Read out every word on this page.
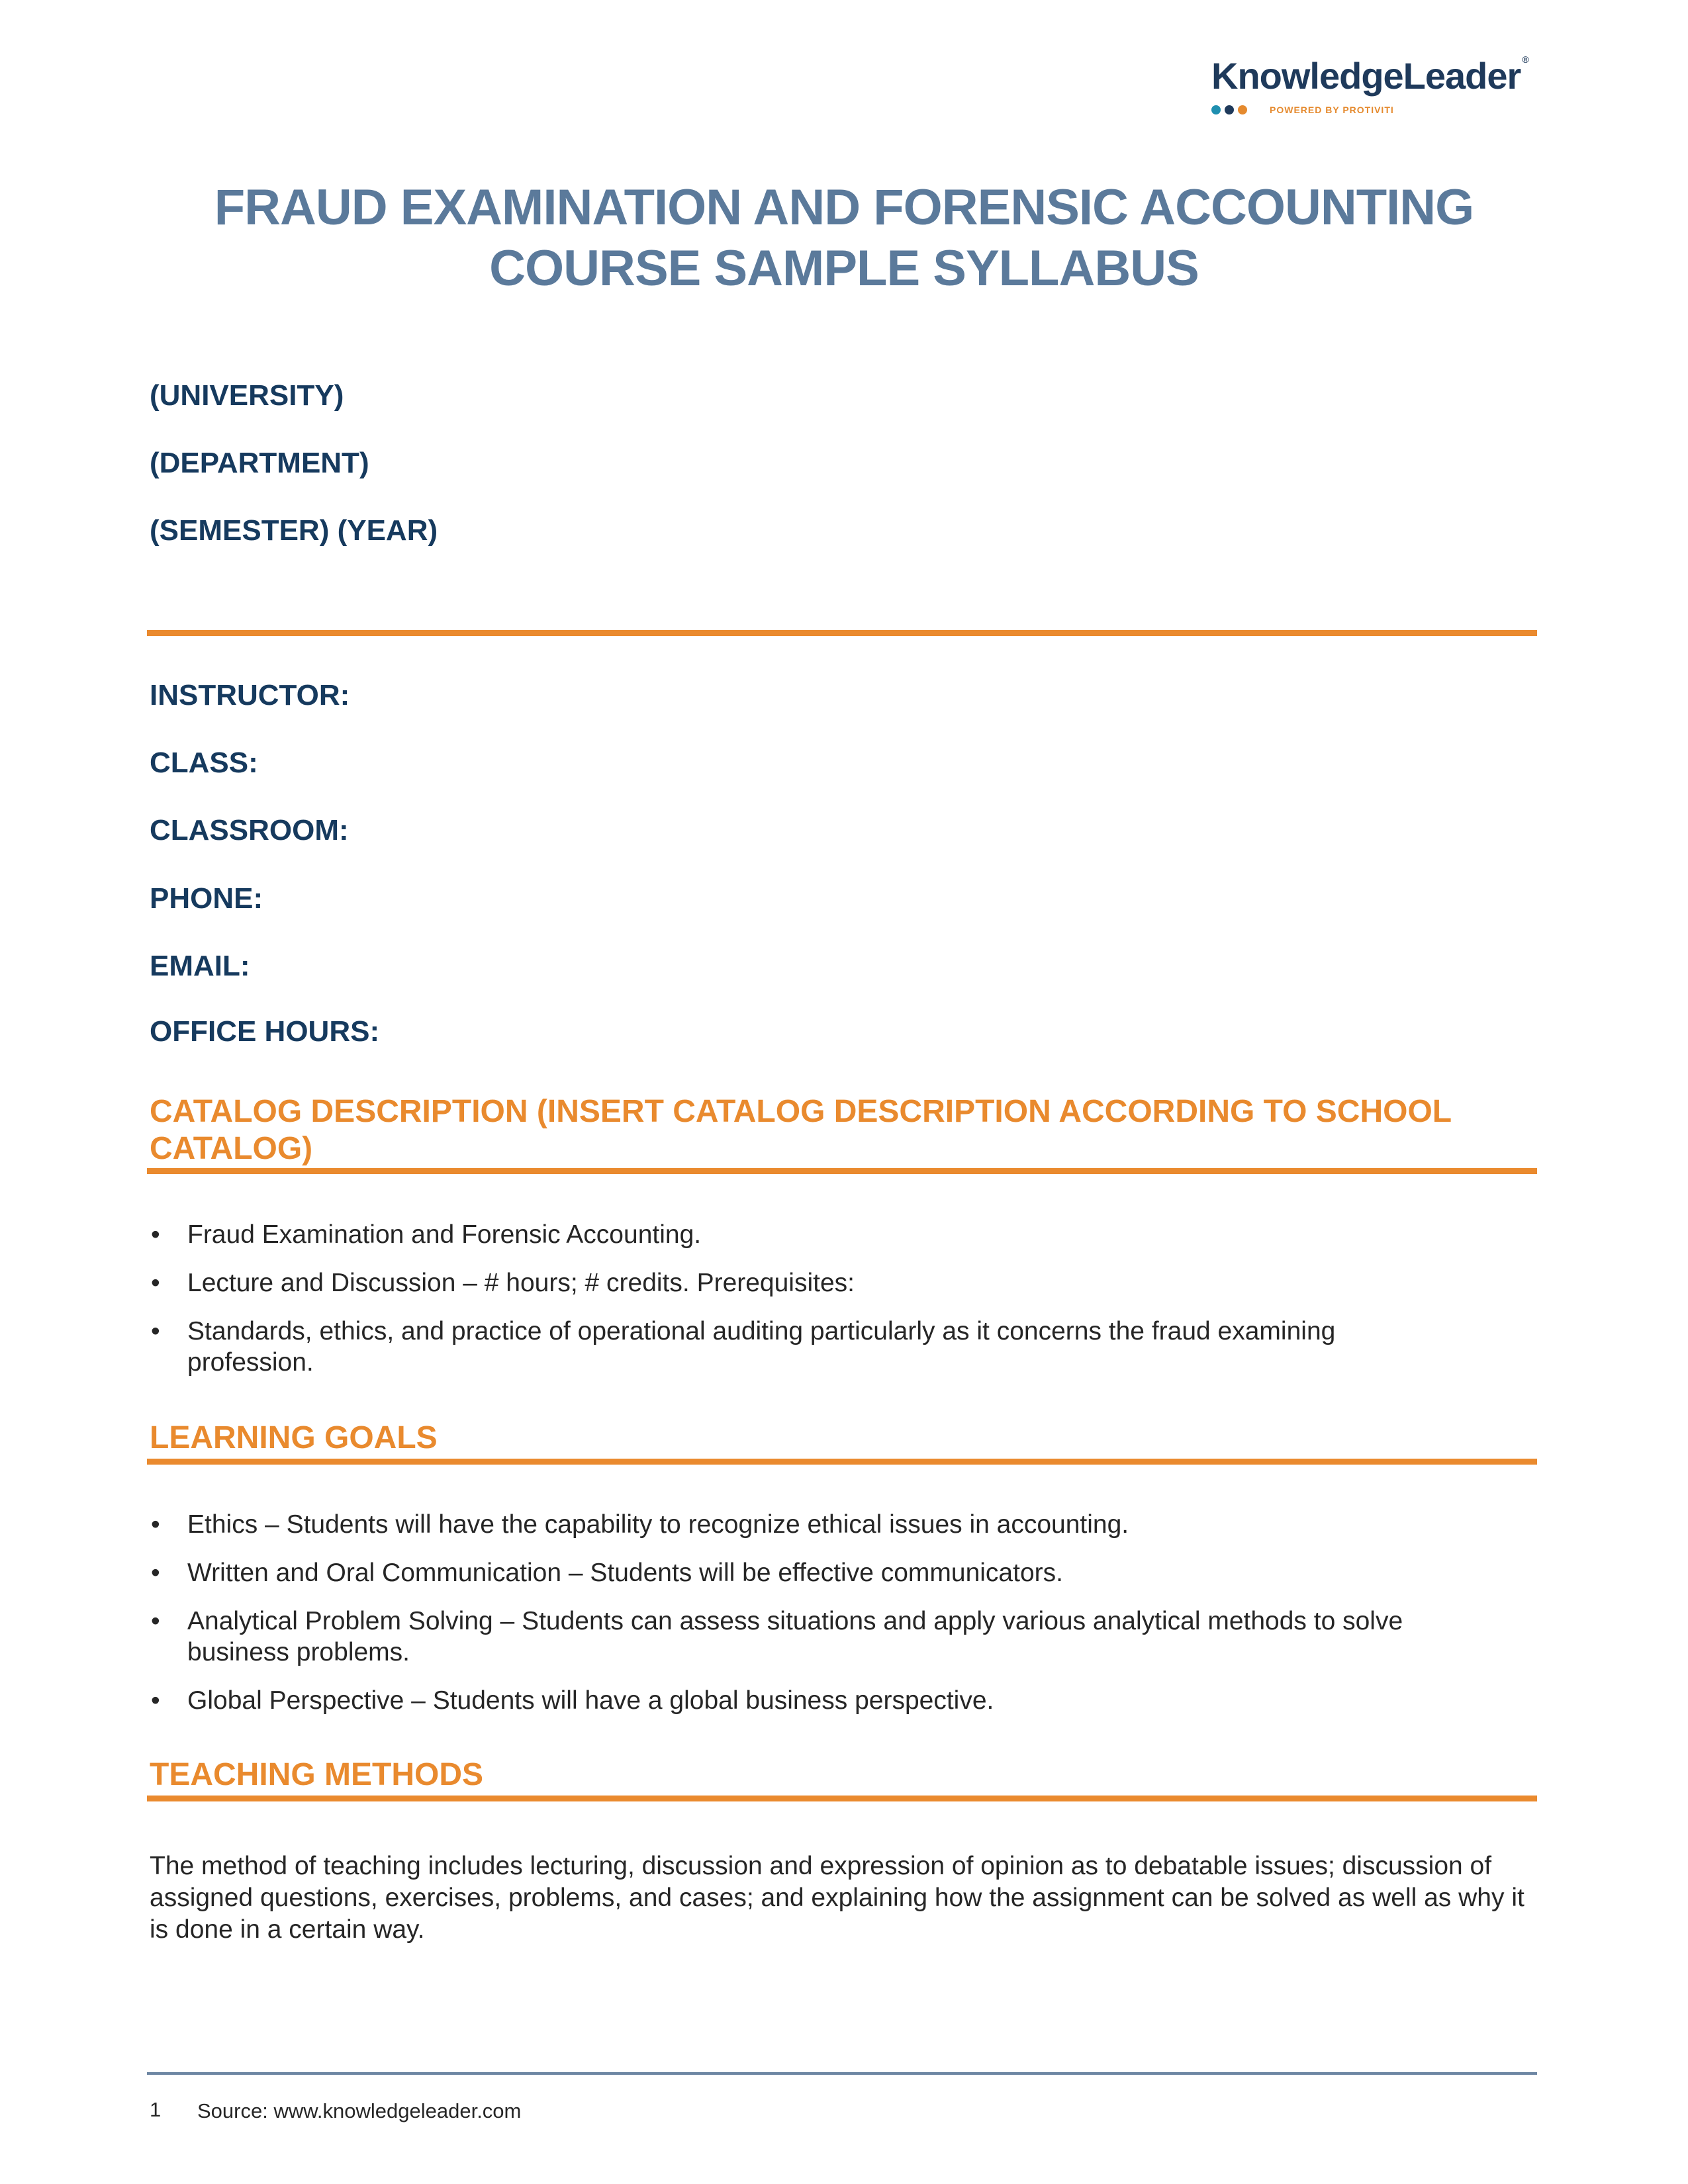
KnowledgeLeader ®
POWERED BY PROTIVITI
FRAUD EXAMINATION AND FORENSIC ACCOUNTING
COURSE SAMPLE SYLLABUS
(UNIVERSITY)
(DEPARTMENT)
(SEMESTER) (YEAR)
INSTRUCTOR:
CLASS:
CLASSROOM:
PHONE:
EMAIL:
OFFICE HOURS:
CATALOG DESCRIPTION (INSERT CATALOG DESCRIPTION ACCORDING TO SCHOOL CATALOG)
• Fraud Examination and Forensic Accounting.
• Lecture and Discussion – # hours; # credits. Prerequisites:
• Standards, ethics, and practice of operational auditing particularly as it concerns the fraud examining profession.
LEARNING GOALS
• Ethics – Students will have the capability to recognize ethical issues in accounting.
• Written and Oral Communication – Students will be effective communicators.
• Analytical Problem Solving – Students can assess situations and apply various analytical methods to solve business problems.
• Global Perspective – Students will have a global business perspective.
TEACHING METHODS

The method of teaching includes lecturing, discussion and expression of opinion as to debatable issues; discussion of assigned questions, exercises, problems, and cases; and explaining how the assignment can be solved as well as why it is done in a certain way.

1 Source: www.knowledgeleader.com
